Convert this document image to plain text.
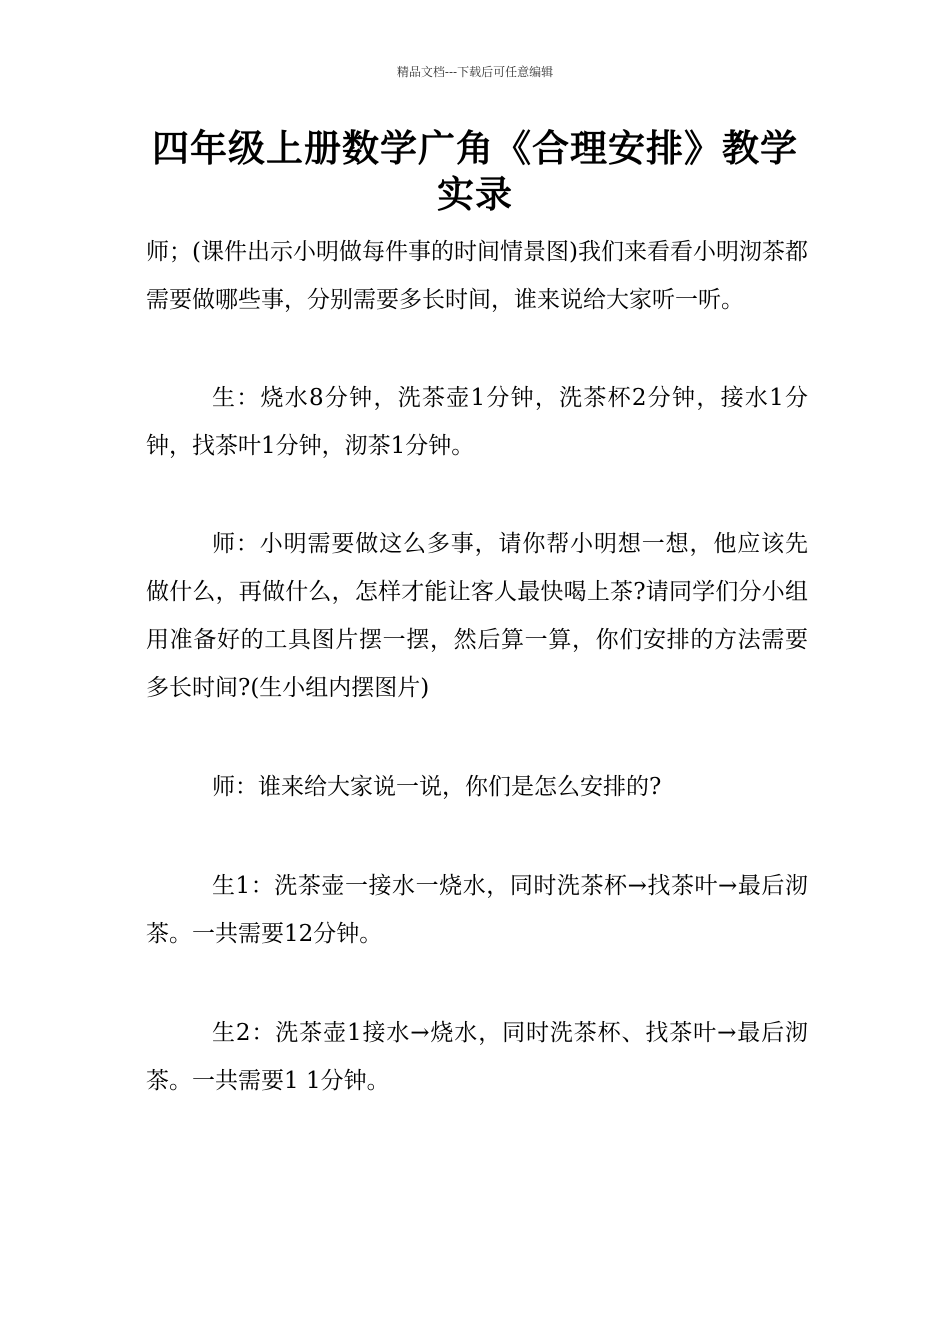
精品文档---下载后可任意编辑
四年级上册数学广角《合理安排》教学实录

师；(课件出示小明做每件事的时间情景图)我们来看看小明沏茶都需要做哪些事，分别需要多长时间，谁来说给大家听一听。

生：烧水8分钟，洗茶壶1分钟，洗茶杯2分钟，接水1分钟，找茶叶1分钟，沏茶1分钟。

师：小明需要做这么多事，请你帮小明想一想，他应该先做什么，再做什么，怎样才能让客人最快喝上茶?请同学们分小组用准备好的工具图片摆一摆，然后算一算，你们安排的方法需要多长时间?(生小组内摆图片)

师：谁来给大家说一说，你们是怎么安排的?

生1：洗茶壶一接水一烧水，同时洗茶杯→找茶叶→最后沏茶。一共需要12分钟。

生2：洗茶壶1接水→烧水，同时洗茶杯、找茶叶→最后沏茶。一共需要1 1分钟。
